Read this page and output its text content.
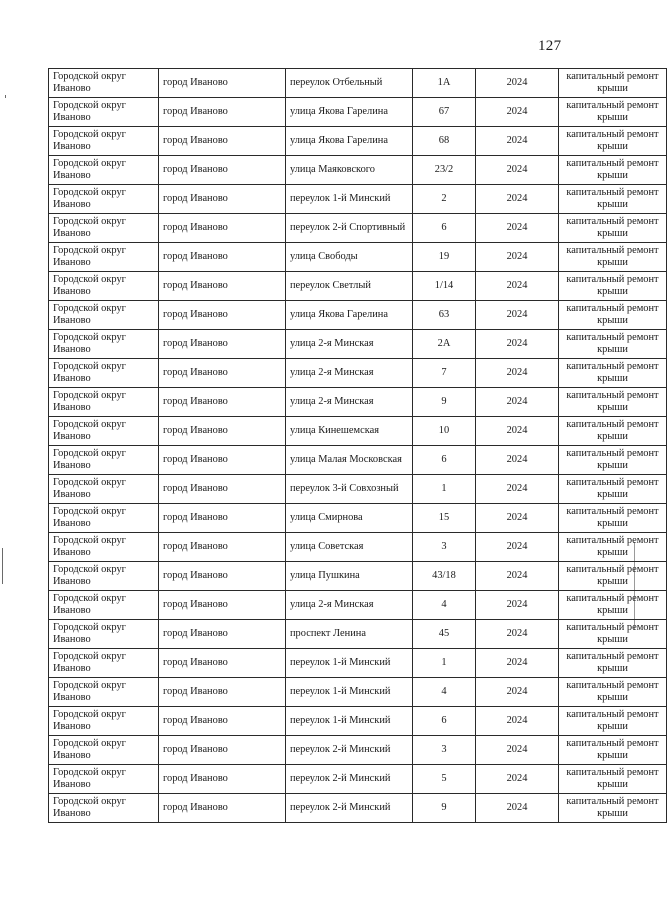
127
Городской округ Иваново	город Иваново	переулок Отбельный	1А	2024	капитальный ремонт крыши
Городской округ Иваново	город Иваново	улица Якова Гарелина	67	2024	капитальный ремонт крыши
Городской округ Иваново	город Иваново	улица Якова Гарелина	68	2024	капитальный ремонт крыши
Городской округ Иваново	город Иваново	улица Маяковского	23/2	2024	капитальный ремонт крыши
Городской округ Иваново	город Иваново	переулок 1-й Минский	2	2024	капитальный ремонт крыши
Городской округ Иваново	город Иваново	переулок 2-й Спортивный	6	2024	капитальный ремонт крыши
Городской округ Иваново	город Иваново	улица Свободы	19	2024	капитальный ремонт крыши
Городской округ Иваново	город Иваново	переулок Светлый	1/14	2024	капитальный ремонт крыши
Городской округ Иваново	город Иваново	улица Якова Гарелина	63	2024	капитальный ремонт крыши
Городской округ Иваново	город Иваново	улица 2-я Минская	2А	2024	капитальный ремонт крыши
Городской округ Иваново	город Иваново	улица 2-я Минская	7	2024	капитальный ремонт крыши
Городской округ Иваново	город Иваново	улица 2-я Минская	9	2024	капитальный ремонт крыши
Городской округ Иваново	город Иваново	улица Кинешемская	10	2024	капитальный ремонт крыши
Городской округ Иваново	город Иваново	улица Малая Московская	6	2024	капитальный ремонт крыши
Городской округ Иваново	город Иваново	переулок 3-й Совхозный	1	2024	капитальный ремонт крыши
Городской округ Иваново	город Иваново	улица Смирнова	15	2024	капитальный ремонт крыши
Городской округ Иваново	город Иваново	улица Советская	3	2024	капитальный ремонт крыши
Городской округ Иваново	город Иваново	улица Пушкина	43/18	2024	капитальный ремонт крыши
Городской округ Иваново	город Иваново	улица 2-я Минская	4	2024	капитальный ремонт крыши
Городской округ Иваново	город Иваново	проспект Ленина	45	2024	капитальный ремонт крыши
Городской округ Иваново	город Иваново	переулок 1-й Минский	1	2024	капитальный ремонт крыши
Городской округ Иваново	город Иваново	переулок 1-й Минский	4	2024	капитальный ремонт крыши
Городской округ Иваново	город Иваново	переулок 1-й Минский	6	2024	капитальный ремонт крыши
Городской округ Иваново	город Иваново	переулок 2-й Минский	3	2024	капитальный ремонт крыши
Городской округ Иваново	город Иваново	переулок 2-й Минский	5	2024	капитальный ремонт крыши
Городской округ Иваново	город Иваново	переулок 2-й Минский	9	2024	капитальный ремонт крыши
